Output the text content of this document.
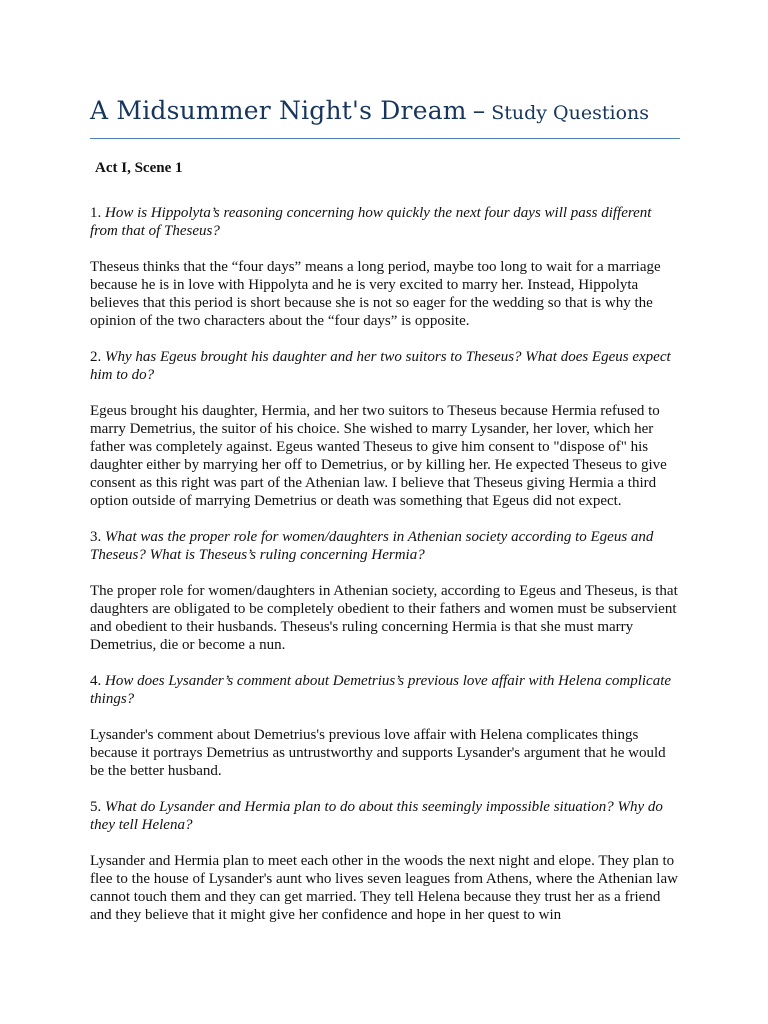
A Midsummer Night's Dream – Study Questions
Act I, Scene 1

1. How is Hippolyta’s reasoning concerning how quickly the next four days will pass different from that of Theseus?

Theseus thinks that the “four days” means a long period, maybe too long to wait for a marriage because he is in love with Hippolyta and he is very excited to marry her. Instead, Hippolyta believes that this period is short because she is not so eager for the wedding so that is why the opinion of the two characters about the “four days” is opposite.

2. Why has Egeus brought his daughter and her two suitors to Theseus? What does Egeus expect him to do?

Egeus brought his daughter, Hermia, and her two suitors to Theseus because Hermia refused to marry Demetrius, the suitor of his choice. She wished to marry Lysander, her lover, which her father was completely against. Egeus wanted Theseus to give him consent to "dispose of" his daughter either by marrying her off to Demetrius, or by killing her. He expected Theseus to give consent as this right was part of the Athenian law. I believe that Theseus giving Hermia a third option outside of marrying Demetrius or death was something that Egeus did not expect.

3. What was the proper role for women/daughters in Athenian society according to Egeus and Theseus? What is Theseus’s ruling concerning Hermia?

The proper role for women/daughters in Athenian society, according to Egeus and Theseus, is that daughters are obligated to be completely obedient to their fathers and women must be subservient and obedient to their husbands. Theseus's ruling concerning Hermia is that she must marry Demetrius, die or become a nun.

4. How does Lysander’s comment about Demetrius’s previous love affair with Helena complicate things?

Lysander's comment about Demetrius's previous love affair with Helena complicates things because it portrays Demetrius as untrustworthy and supports Lysander's argument that he would be the better husband.

5. What do Lysander and Hermia plan to do about this seemingly impossible situation? Why do they tell Helena?

Lysander and Hermia plan to meet each other in the woods the next night and elope. They plan to flee to the house of Lysander's aunt who lives seven leagues from Athens, where the Athenian law cannot touch them and they can get married. They tell Helena because they trust her as a friend and they believe that it might give her confidence and hope in her quest to win
